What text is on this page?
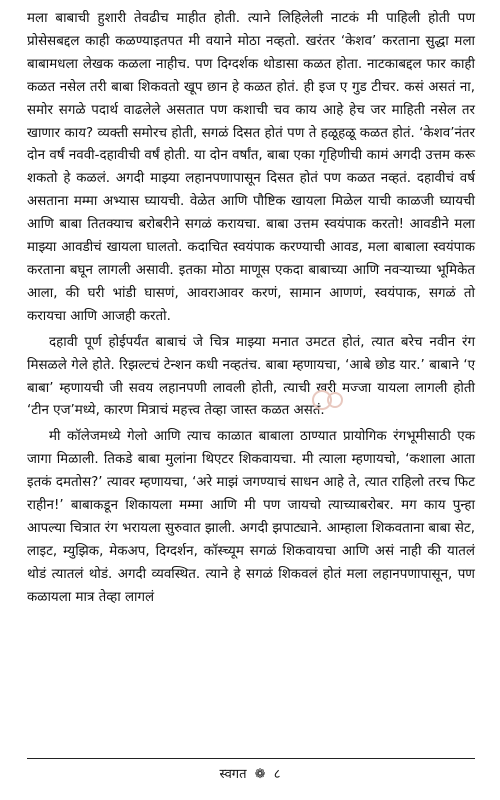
मला बाबाची हुशारी तेवढीच माहीत होती. त्याने लिहिलेली नाटकं मी पाहिली होती पण प्रोसेसबद्दल काही कळण्याइतपत मी वयाने मोठा नव्हतो. खरंतर ‘केशव’ करताना सुद्धा मला बाबामधला लेखक कळला नाहीच. पण दिग्दर्शक थोडासा कळत होता. नाटकाबद्दल फार काही कळत नसेल तरी बाबा शिकवतो खूप छान हे कळत होतं. ही इज ए गुड टीचर. कसं असतं ना, समोर सगळे पदार्थ वाढलेले असतात पण कशाची चव काय आहे हेच जर माहिती नसेल तर खाणार काय? व्यक्ती समोरच होती, सगळं दिसत होतं पण ते हळूहळू कळत होतं. ‘केशव’नंतर दोन वर्षं नववी-दहावीची वर्षं होती. या दोन वर्षांत, बाबा एका गृहिणीची कामं अगदी उत्तम करू शकतो हे कळलं. अगदी माझ्या लहानपणापासून दिसत होतं पण कळत नव्हतं. दहावीचं वर्ष असताना मम्मा अभ्यास घ्यायची. वेळेत आणि पौष्टिक खायला मिळेल याची काळजी घ्यायची आणि बाबा तितक्याच बरोबरीने सगळं करायचा. बाबा उत्तम स्वयंपाक करतो! आवडीने मला माझ्या आवडीचं खायला घालतो. कदाचित स्वयंपाक करण्याची आवड, मला बाबाला स्वयंपाक करताना बघून लागली असावी. इतका मोठा माणूस एकदा बाबाच्या आणि नवऱ्याच्या भूमिकेत आला, की घरी भांडी घासणं, आवराआवर करणं, सामान आणणं, स्वयंपाक, सगळं तो करायचा आणि आजही करतो.

दहावी पूर्ण होईपर्यंत बाबाचं जे चित्र माझ्या मनात उमटत होतं, त्यात बरेच नवीन रंग मिसळले गेले होते. रिझल्टचं टेन्शन कधी नव्हतंच. बाबा म्हणायचा, ‘आबे छोड यार.’ बाबाने ‘ए बाबा’ म्हणायची जी सवय लहानपणी लावली होती, त्याची खरी मज्जा यायला लागली होती ‘टीन एज’मध्ये, कारण मित्राचं महत्त्व तेव्हा जास्त कळत असतं.

मी कॉलेजमध्ये गेलो आणि त्याच काळात बाबाला ठाण्यात प्रायोगिक रंगभूमीसाठी एक जागा मिळाली. तिकडे बाबा मुलांना थिएटर शिकवायचा. मी त्याला म्हणायचो, ‘कशाला आता इतकं दमतोस?’ त्यावर म्हणायचा, ‘अरे माझं जगण्याचं साधन आहे ते, त्यात राहिलो तरच फिट राहीन!’ बाबाकडून शिकायला मम्मा आणि मी पण जायचो त्याच्याबरोबर. मग काय पुन्हा आपल्या चित्रात रंग भरायला सुरुवात झाली. अगदी झपाट्याने. आम्हाला शिकवताना बाबा सेट, लाइट, म्युझिक, मेकअप, दिग्दर्शन, कॉस्च्यूम सगळं शिकवायचा आणि असं नाही की यातलं थोडं त्यातलं थोडं. अगदी व्यवस्थित. त्याने हे सगळं शिकवलं होतं मला लहानपणापासून, पण कळायला मात्र तेव्हा लागलं

स्वगत ❁ ८
